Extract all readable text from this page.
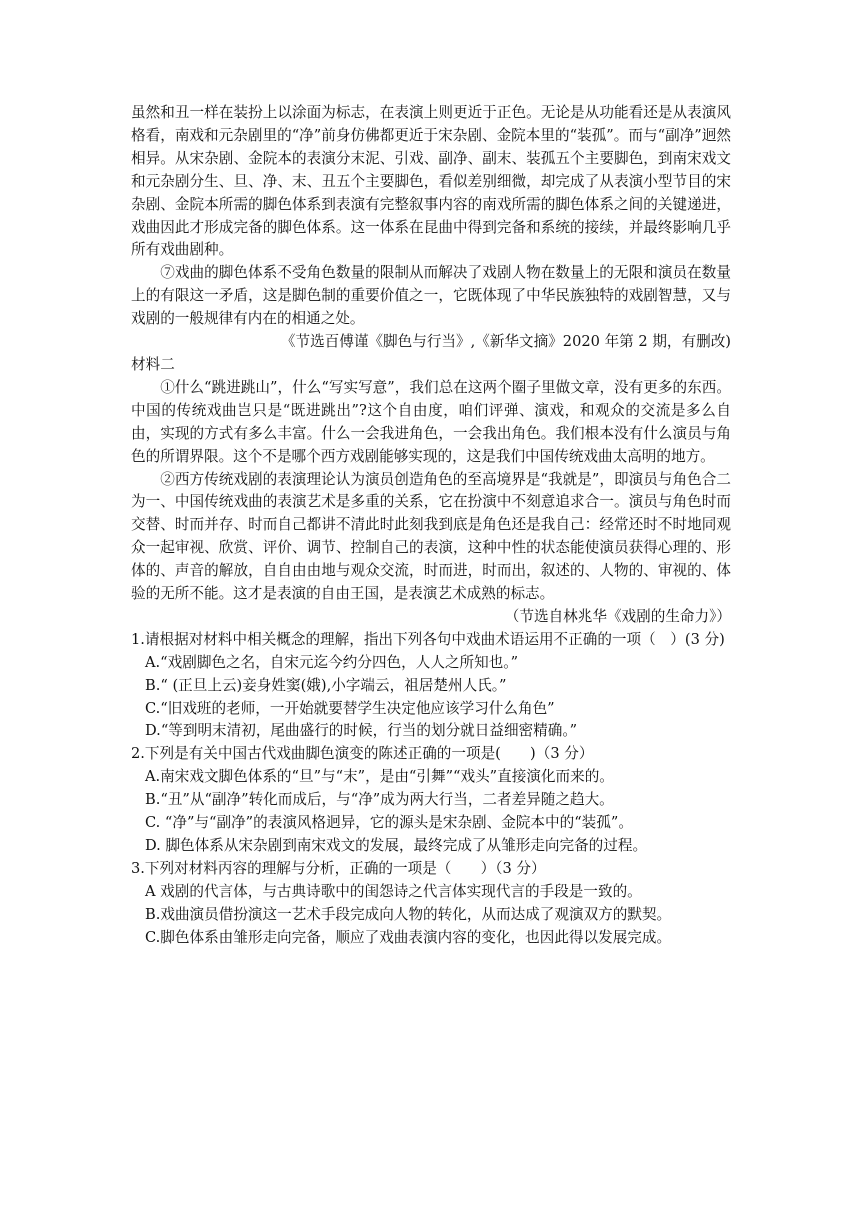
虽然和丑一样在装扮上以涂面为标志，在表演上则更近于正色。无论是从功能看还是从表演风格看，南戏和元杂剧里的“净”前身仿佛都更近于宋杂剧、金院本里的“装孤”。而与“副净”迥然相异。从宋杂剧、金院本的表演分末泥、引戏、副净、副末、装孤五个主要脚色，到南宋戏文和元杂剧分生、旦、净、末、丑五个主要脚色，看似差别细微，却完成了从表演小型节目的宋杂剧、金院本所需的脚色体系到表演有完整叙事内容的南戏所需的脚色体系之间的关键递进，戏曲因此才形成完备的脚色体系。这一体系在昆曲中得到完备和系统的接续，并最终影响几乎所有戏曲剧种。

⑦戏曲的脚色体系不受角色数量的限制从而解决了戏剧人物在数量上的无限和演员在数量上的有限这一矛盾，这是脚色制的重要价值之一，它既体现了中华民族独特的戏剧智慧，又与戏剧的一般规律有内在的相通之处。

《节选百傅谨《脚色与行当》,《新华文摘》2020 年第 2 期，有删改)

材料二

①什么“跳进跳山”，什么“写实写意”，我们总在这两个圈子里做文章，没有更多的东西。中国的传统戏曲岂只是“既进跳出”?这个自由度，咱们评弹、演戏，和观众的交流是多么自由，实现的方式有多么丰富。什么一会我进角色，一会我出角色。我们根本没有什么演员与角色的所谓界限。这个不是哪个西方戏剧能够实现的，这是我们中国传统戏曲太高明的地方。

②西方传统戏剧的表演理论认为演员创造角色的至高境界是“我就是”，即演员与角色合二为一、中国传统戏曲的表演艺术是多重的关系，它在扮演中不刻意追求合一。演员与角色时而交替、时而并存、时而自己都讲不清此时此刻我到底是角色还是我自己：经常还时不时地同观众一起审视、欣赏、评价、调节、控制自己的表演，这种中性的状态能使演员获得心理的、形体的、声音的解放，自自由由地与观众交流，时而进，时而出，叙述的、人物的、审视的、体验的无所不能。这才是表演的自由王国，是表演艺术成熟的标志。

（节选自林兆华《戏剧的生命力》）

1.请根据对材料中相关概念的理解，指出下列各句中戏曲术语运用不正确的一项（　）(3 分)

A.“戏剧脚色之名，自宋元迄今约分四色，人人之所知也。”

B.“ (正旦上云)妾身姓窦(娥),小字端云，祖居楚州人氏。”

C.“旧戏班的老师，一开始就要替学生决定他应该学习什么角色”

D.“等到明末清初，尾曲盛行的时候，行当的划分就日益细密精确。”

2.下列是有关中国古代戏曲脚色演变的陈述正确的一项是(　　)（3 分）

A.南宋戏文脚色体系的“旦”与“末”，是由“引舞”“戏头”直接演化而来的。

B.“丑”从“副净”转化而成后，与“净”成为两大行当，二者差异随之趋大。

C. “净”与“副净”的表演风格迥异，它的源头是宋杂剧、金院本中的“装孤”。

D. 脚色体系从宋杂剧到南宋戏文的发展，最终完成了从雏形走向完备的过程。

3.下列对材料丙容的理解与分析，正确的一项是（　　）（3 分）

A 戏剧的代言体，与古典诗歌中的闺怨诗之代言体实现代言的手段是一致的。

B.戏曲演员借扮演这一艺术手段完成向人物的转化，从而达成了观演双方的默契。

C.脚色体系由雏形走向完备，顺应了戏曲表演内容的变化，也因此得以发展完成。
